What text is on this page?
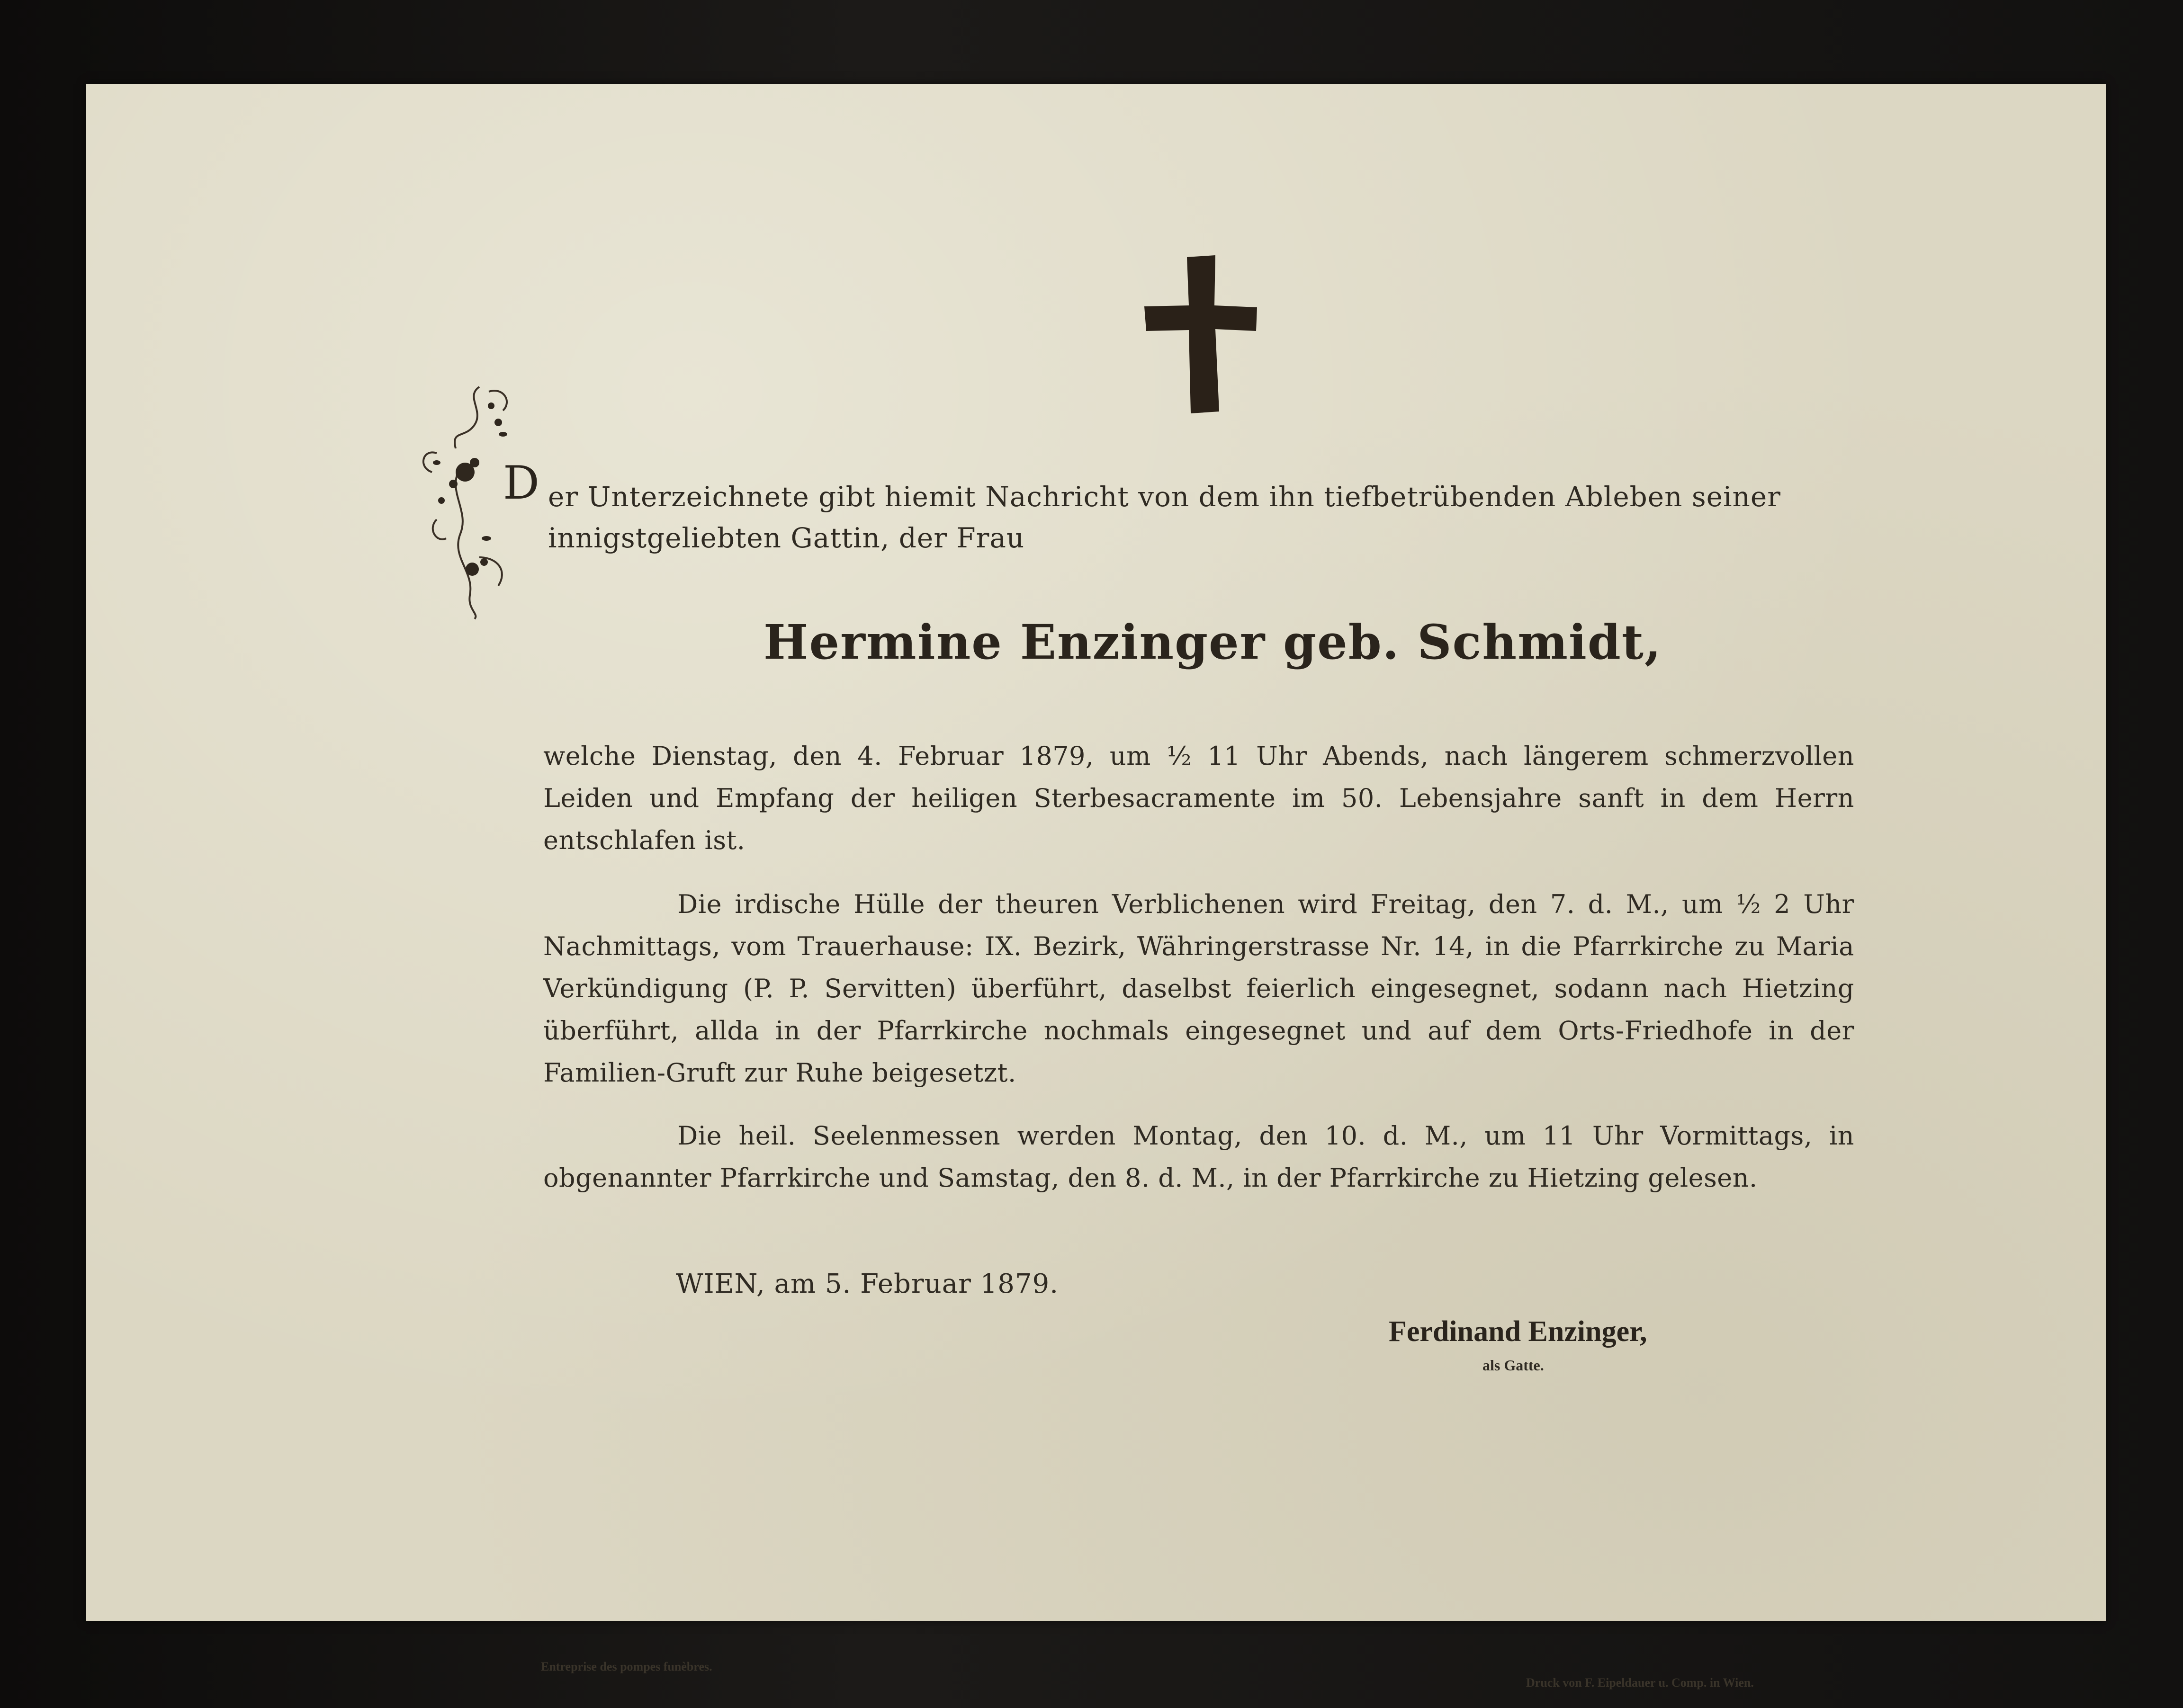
D er Unterzeichnete gibt hiemit Nachricht von dem ihn tiefbetrübenden Ableben seiner
innigstgeliebten Gattin, der Frau
Hermine Enzinger geb. Schmidt,
welche Dienstag, den 4. Februar 1879, um ½ 11 Uhr Abends, nach längerem schmerzvollen Leiden und Empfang der heiligen Sterbesacramente im 50. Lebensjahre sanft in dem Herrn entschlafen ist.
Die irdische Hülle der theuren Verblichenen wird Freitag, den 7. d. M., um ½ 2 Uhr Nachmittags, vom Trauerhause: IX. Bezirk, Währingerstrasse Nr. 14, in die Pfarrkirche zu Maria Verkündigung (P. P. Servitten) überführt, daselbst feierlich eingesegnet, sodann nach Hietzing überführt, allda in der Pfarrkirche nochmals eingesegnet und auf dem Orts-Friedhofe in der Familien-Gruft zur Ruhe beigesetzt.
Die heil. Seelenmessen werden Montag, den 10. d. M., um 11 Uhr Vormittags, in obgenannter Pfarrkirche und Samstag, den 8. d. M., in der Pfarrkirche zu Hietzing gelesen.
WIEN, am 5. Februar 1879.
Ferdinand Enzinger,
als Gatte.
Entreprise des pompes funèbres.
Druck von F. Eipeldauer u. Comp. in Wien.
